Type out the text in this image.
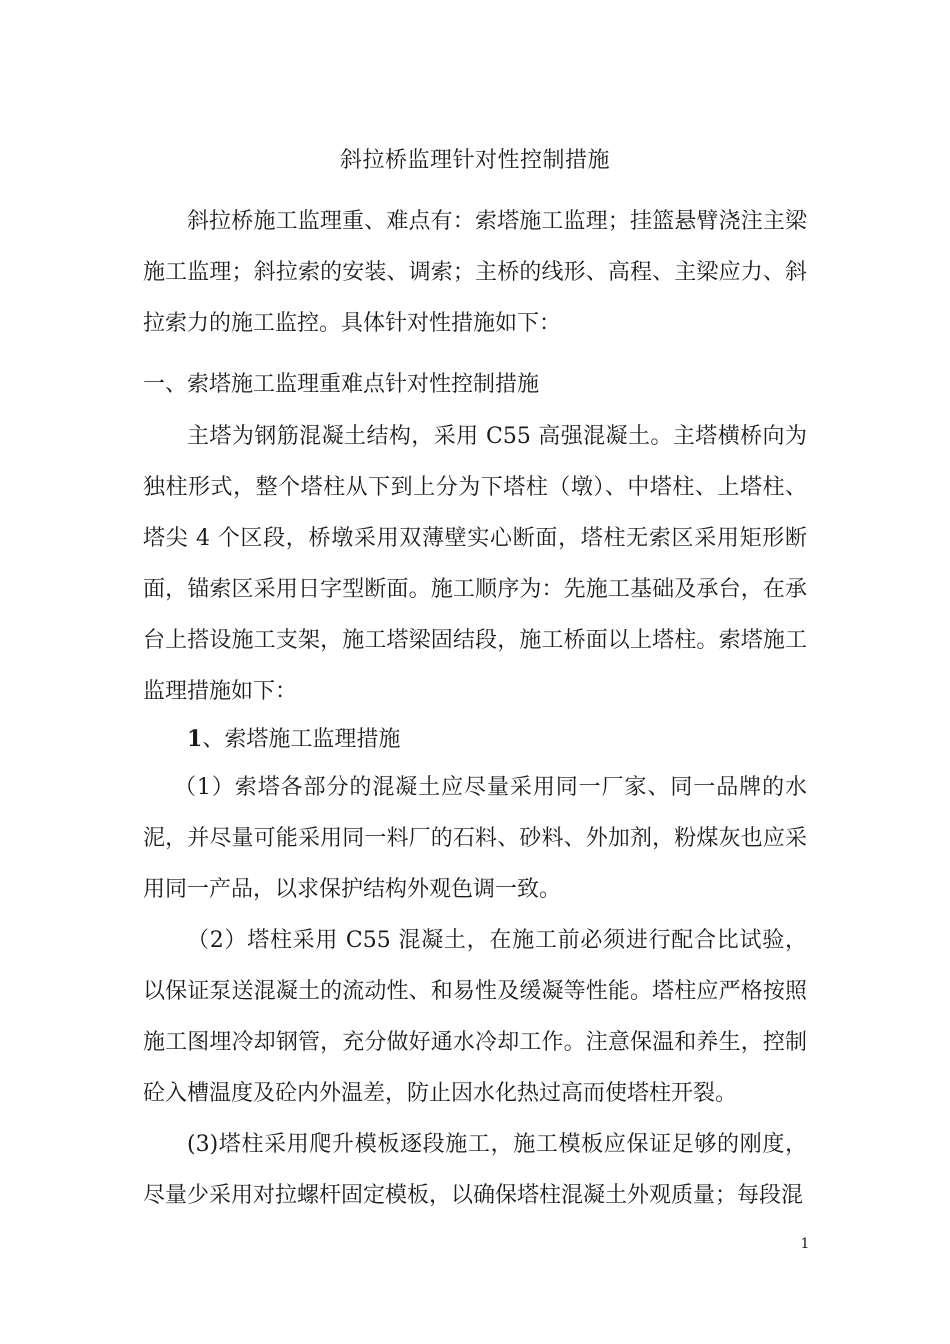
斜拉桥监理针对性控制措施

斜拉桥施工监理重、难点有：索塔施工监理；挂篮悬臂浇注主梁施工监理；斜拉索的安装、调索；主桥的线形、高程、主梁应力、斜拉索力的施工监控。具体针对性措施如下：

一、索塔施工监理重难点针对性控制措施

主塔为钢筋混凝土结构，采用 C55 高强混凝土。主塔横桥向为独柱形式，整个塔柱从下到上分为下塔柱（墩）、中塔柱、上塔柱、塔尖 4 个区段，桥墩采用双薄壁实心断面，塔柱无索区采用矩形断面，锚索区采用日字型断面。施工顺序为：先施工基础及承台，在承台上搭设施工支架，施工塔梁固结段，施工桥面以上塔柱。索塔施工监理措施如下：

1、索塔施工监理措施

（1）索塔各部分的混凝土应尽量采用同一厂家、同一品牌的水泥，并尽量可能采用同一料厂的石料、砂料、外加剂，粉煤灰也应采用同一产品，以求保护结构外观色调一致。

（2）塔柱采用 C55 混凝土，在施工前必须进行配合比试验，以保证泵送混凝土的流动性、和易性及缓凝等性能。塔柱应严格按照施工图埋冷却钢管，充分做好通水冷却工作。注意保温和养生，控制砼入槽温度及砼内外温差，防止因水化热过高而使塔柱开裂。

(3)塔柱采用爬升模板逐段施工，施工模板应保证足够的刚度，尽量少采用对拉螺杆固定模板，以确保塔柱混凝土外观质量；每段混

1
